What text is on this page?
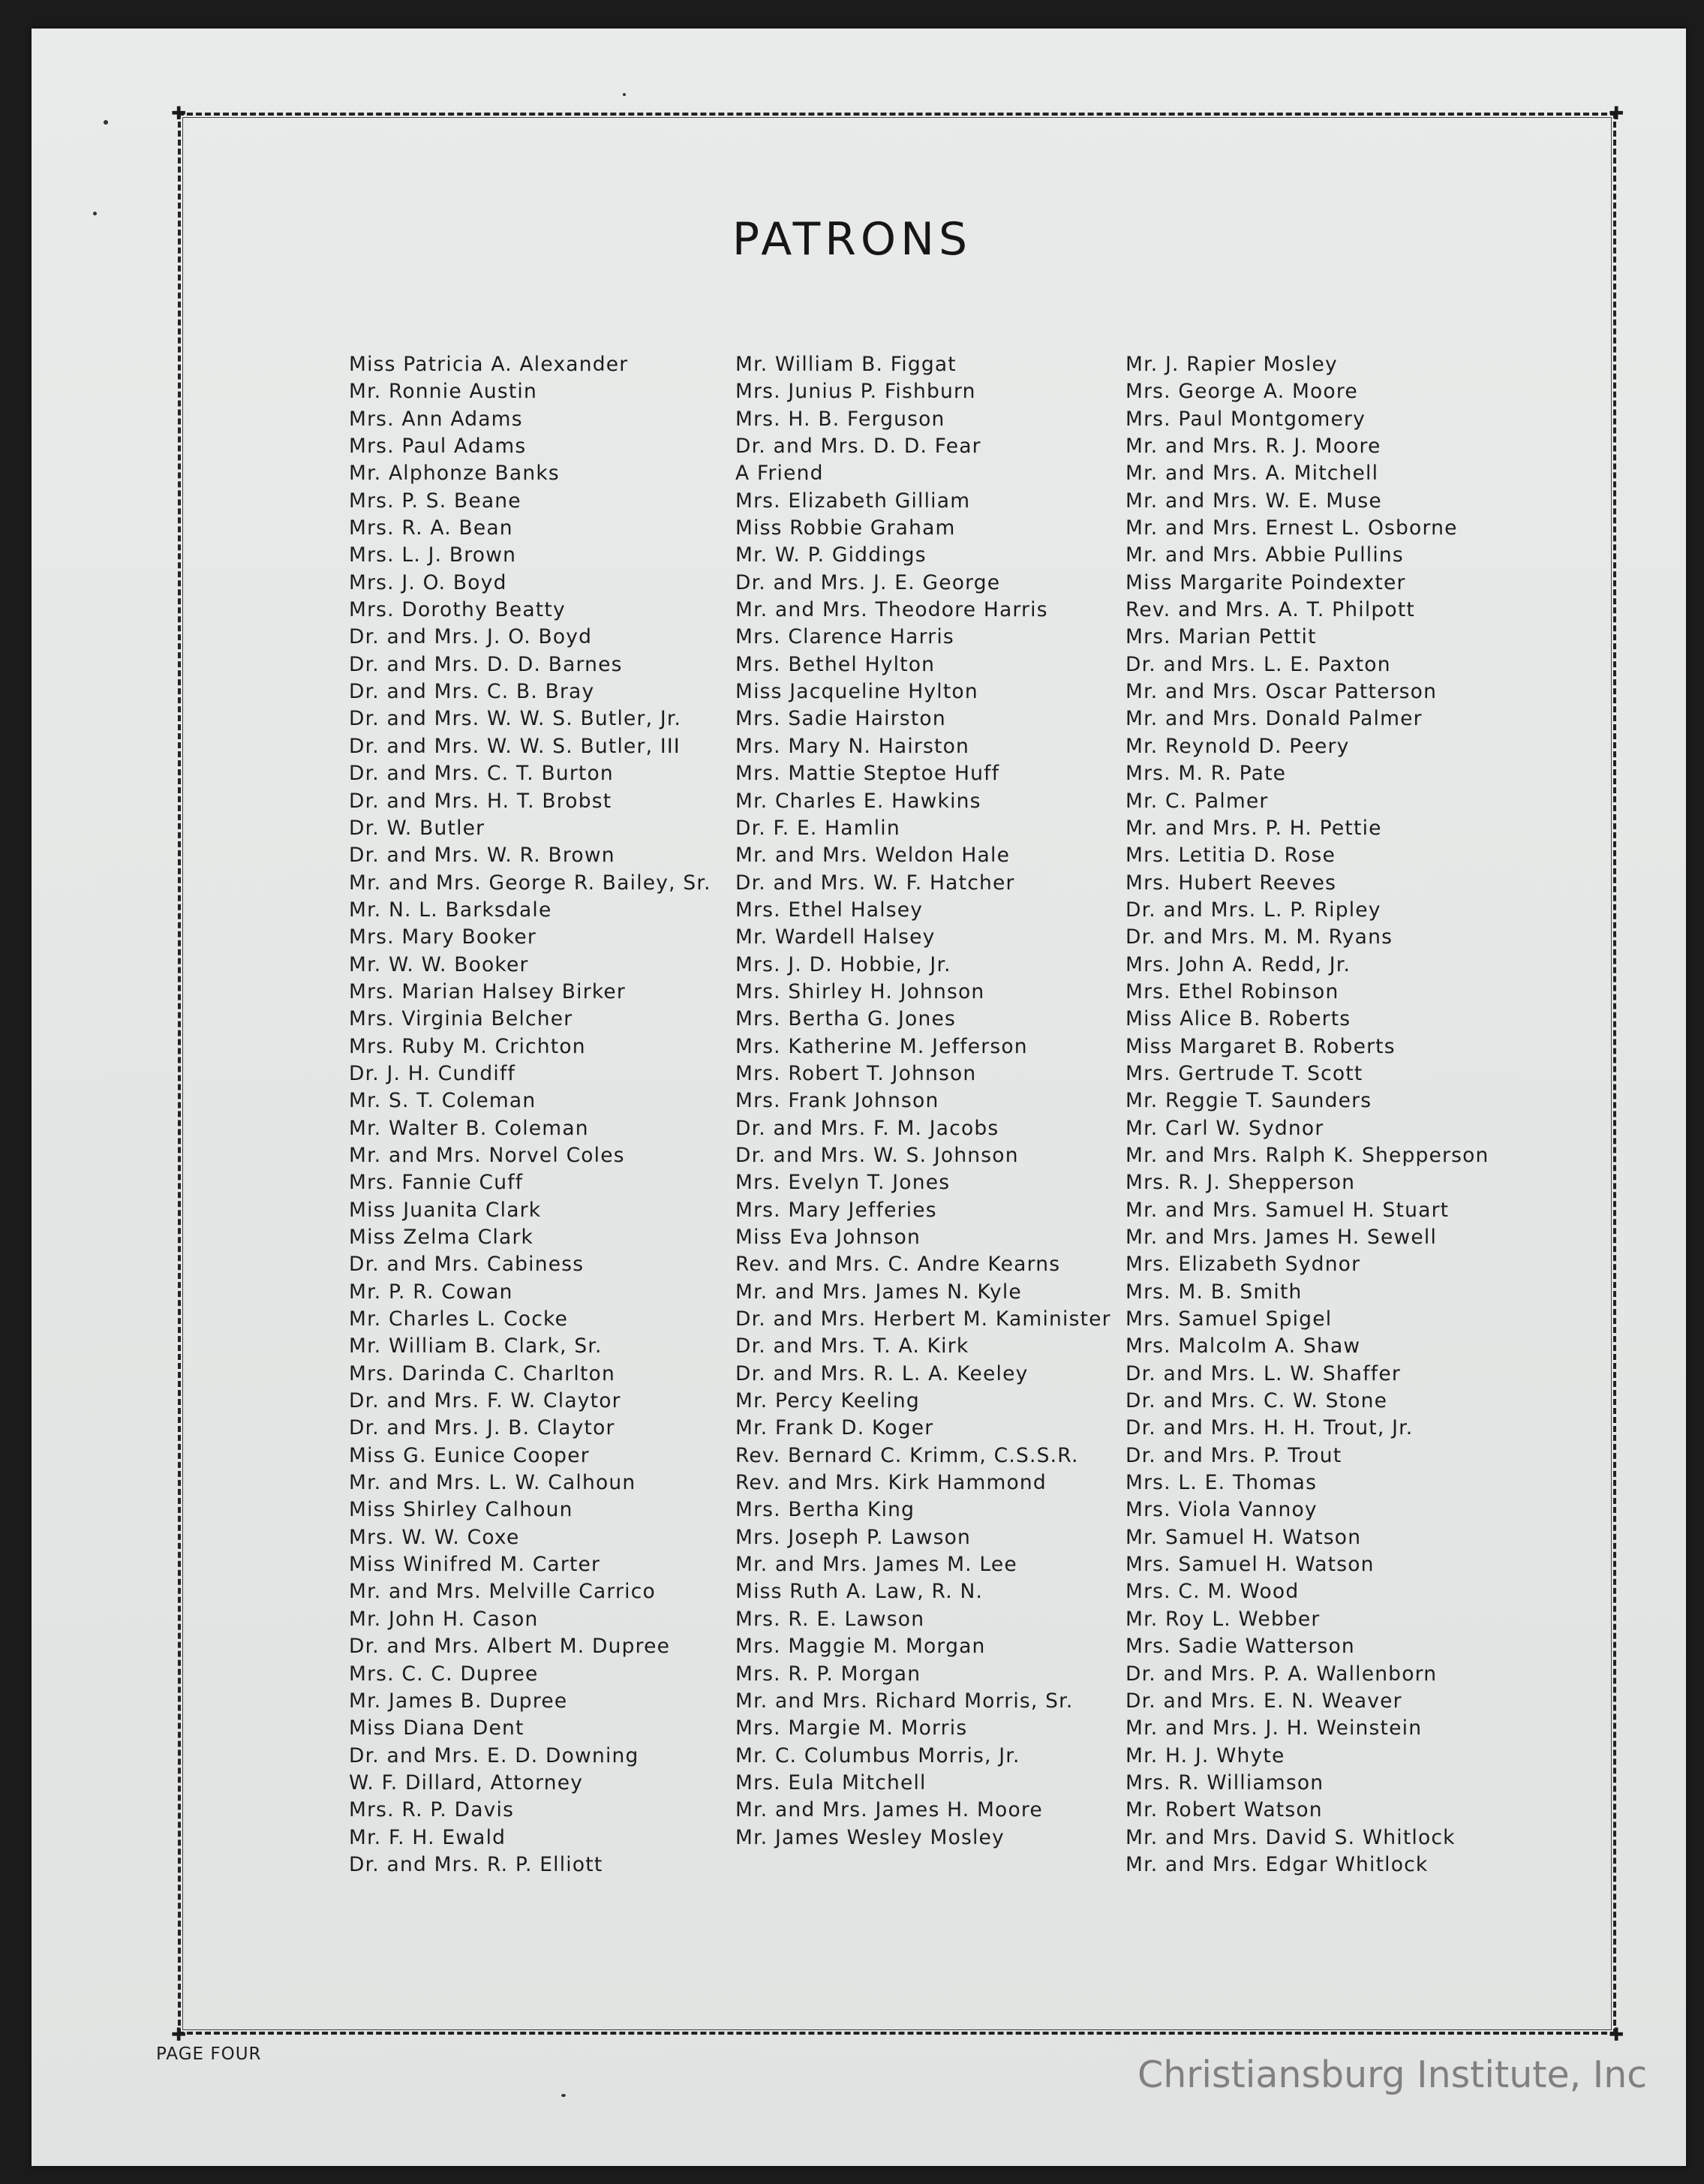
✚	✚
✚	✚
PATRONS
Miss Patricia A. Alexander
Mr. Ronnie Austin
Mrs. Ann Adams
Mrs. Paul Adams
Mr. Alphonze Banks
Mrs. P. S. Beane
Mrs. R. A. Bean
Mrs. L. J. Brown
Mrs. J. O. Boyd
Mrs. Dorothy Beatty
Dr. and Mrs. J. O. Boyd
Dr. and Mrs. D. D. Barnes
Dr. and Mrs. C. B. Bray
Dr. and Mrs. W. W. S. Butler, Jr.
Dr. and Mrs. W. W. S. Butler, III
Dr. and Mrs. C. T. Burton
Dr. and Mrs. H. T. Brobst
Dr. W. Butler
Dr. and Mrs. W. R. Brown
Mr. and Mrs. George R. Bailey, Sr.
Mr. N. L. Barksdale
Mrs. Mary Booker
Mr. W. W. Booker
Mrs. Marian Halsey Birker
Mrs. Virginia Belcher
Mrs. Ruby M. Crichton
Dr. J. H. Cundiff
Mr. S. T. Coleman
Mr. Walter B. Coleman
Mr. and Mrs. Norvel Coles
Mrs. Fannie Cuff
Miss Juanita Clark
Miss Zelma Clark
Dr. and Mrs. Cabiness
Mr. P. R. Cowan
Mr. Charles L. Cocke
Mr. William B. Clark, Sr.
Mrs. Darinda C. Charlton
Dr. and Mrs. F. W. Claytor
Dr. and Mrs. J. B. Claytor
Miss G. Eunice Cooper
Mr. and Mrs. L. W. Calhoun
Miss Shirley Calhoun
Mrs. W. W. Coxe
Miss Winifred M. Carter
Mr. and Mrs. Melville Carrico
Mr. John H. Cason
Dr. and Mrs. Albert M. Dupree
Mrs. C. C. Dupree
Mr. James B. Dupree
Miss Diana Dent
Dr. and Mrs. E. D. Downing
W. F. Dillard, Attorney
Mrs. R. P. Davis
Mr. F. H. Ewald
Dr. and Mrs. R. P. Elliott
Mr. William B. Figgat
Mrs. Junius P. Fishburn
Mrs. H. B. Ferguson
Dr. and Mrs. D. D. Fear
A Friend
Mrs. Elizabeth Gilliam
Miss Robbie Graham
Mr. W. P. Giddings
Dr. and Mrs. J. E. George
Mr. and Mrs. Theodore Harris
Mrs. Clarence Harris
Mrs. Bethel Hylton
Miss Jacqueline Hylton
Mrs. Sadie Hairston
Mrs. Mary N. Hairston
Mrs. Mattie Steptoe Huff
Mr. Charles E. Hawkins
Dr. F. E. Hamlin
Mr. and Mrs. Weldon Hale
Dr. and Mrs. W. F. Hatcher
Mrs. Ethel Halsey
Mr. Wardell Halsey
Mrs. J. D. Hobbie, Jr.
Mrs. Shirley H. Johnson
Mrs. Bertha G. Jones
Mrs. Katherine M. Jefferson
Mrs. Robert T. Johnson
Mrs. Frank Johnson
Dr. and Mrs. F. M. Jacobs
Dr. and Mrs. W. S. Johnson
Mrs. Evelyn T. Jones
Mrs. Mary Jefferies
Miss Eva Johnson
Rev. and Mrs. C. Andre Kearns
Mr. and Mrs. James N. Kyle
Dr. and Mrs. Herbert M. Kaminister
Dr. and Mrs. T. A. Kirk
Dr. and Mrs. R. L. A. Keeley
Mr. Percy Keeling
Mr. Frank D. Koger
Rev. Bernard C. Krimm, C.S.S.R.
Rev. and Mrs. Kirk Hammond
Mrs. Bertha King
Mrs. Joseph P. Lawson
Mr. and Mrs. James M. Lee
Miss Ruth A. Law, R. N.
Mrs. R. E. Lawson
Mrs. Maggie M. Morgan
Mrs. R. P. Morgan
Mr. and Mrs. Richard Morris, Sr.
Mrs. Margie M. Morris
Mr. C. Columbus Morris, Jr.
Mrs. Eula Mitchell
Mr. and Mrs. James H. Moore
Mr. James Wesley Mosley
Mr. J. Rapier Mosley
Mrs. George A. Moore
Mrs. Paul Montgomery
Mr. and Mrs. R. J. Moore
Mr. and Mrs. A. Mitchell
Mr. and Mrs. W. E. Muse
Mr. and Mrs. Ernest L. Osborne
Mr. and Mrs. Abbie Pullins
Miss Margarite Poindexter
Rev. and Mrs. A. T. Philpott
Mrs. Marian Pettit
Dr. and Mrs. L. E. Paxton
Mr. and Mrs. Oscar Patterson
Mr. and Mrs. Donald Palmer
Mr. Reynold D. Peery
Mrs. M. R. Pate
Mr. C. Palmer
Mr. and Mrs. P. H. Pettie
Mrs. Letitia D. Rose
Mrs. Hubert Reeves
Dr. and Mrs. L. P. Ripley
Dr. and Mrs. M. M. Ryans
Mrs. John A. Redd, Jr.
Mrs. Ethel Robinson
Miss Alice B. Roberts
Miss Margaret B. Roberts
Mrs. Gertrude T. Scott
Mr. Reggie T. Saunders
Mr. Carl W. Sydnor
Mr. and Mrs. Ralph K. Shepperson
Mrs. R. J. Shepperson
Mr. and Mrs. Samuel H. Stuart
Mr. and Mrs. James H. Sewell
Mrs. Elizabeth Sydnor
Mrs. M. B. Smith
Mrs. Samuel Spigel
Mrs. Malcolm A. Shaw
Dr. and Mrs. L. W. Shaffer
Dr. and Mrs. C. W. Stone
Dr. and Mrs. H. H. Trout, Jr.
Dr. and Mrs. P. Trout
Mrs. L. E. Thomas
Mrs. Viola Vannoy
Mr. Samuel H. Watson
Mrs. Samuel H. Watson
Mrs. C. M. Wood
Mr. Roy L. Webber
Mrs. Sadie Watterson
Dr. and Mrs. P. A. Wallenborn
Dr. and Mrs. E. N. Weaver
Mr. and Mrs. J. H. Weinstein
Mr. H. J. Whyte
Mrs. R. Williamson
Mr. Robert Watson
Mr. and Mrs. David S. Whitlock
Mr. and Mrs. Edgar Whitlock
PAGE FOUR	Christiansburg Institute, Inc
